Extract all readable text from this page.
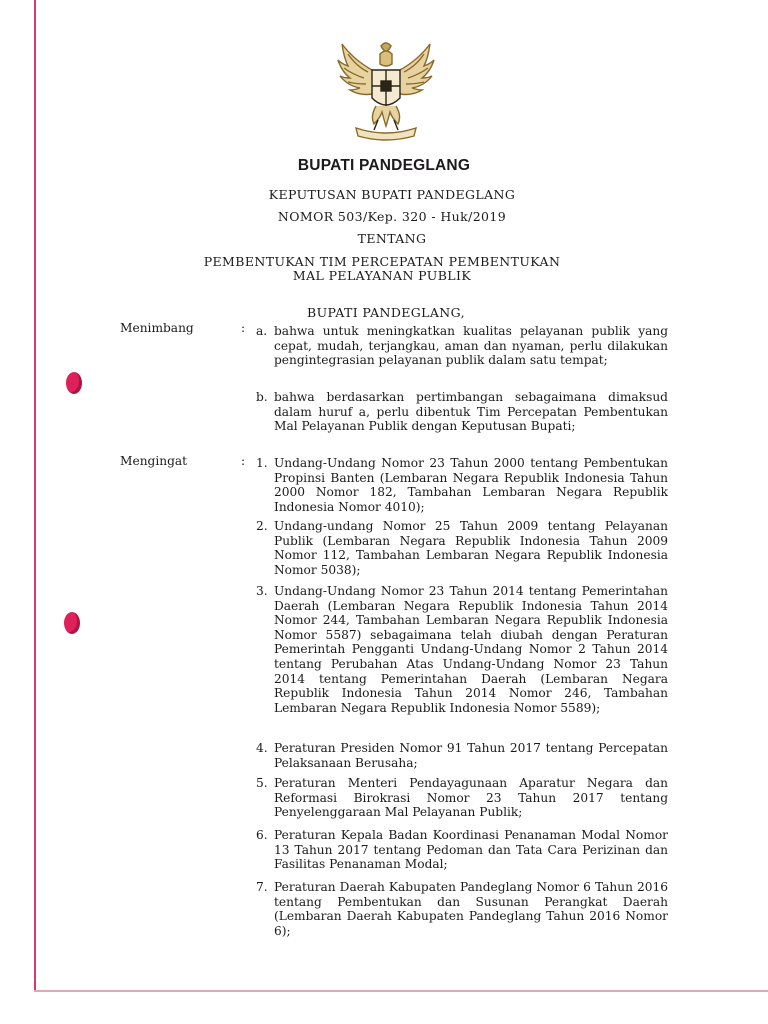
BUPATI PANDEGLANG
KEPUTUSAN BUPATI PANDEGLANG
NOMOR 503/Kep. 320 - Huk/2019
TENTANG
PEMBENTUKAN TIM PERCEPATAN PEMBENTUKAN
MAL PELAYANAN PUBLIK
BUPATI PANDEGLANG,
Menimbang	: a. bahwa untuk meningkatkan kualitas pelayanan publik yang cepat, mudah, terjangkau, aman dan nyaman, perlu dilakukan pengintegrasian pelayanan publik dalam satu tempat;
b. bahwa berdasarkan pertimbangan sebagaimana dimaksud dalam huruf a, perlu dibentuk Tim Percepatan Pembentukan Mal Pelayanan Publik dengan Keputusan Bupati;
Mengingat	: 1. Undang-Undang Nomor 23 Tahun 2000 tentang Pembentukan Propinsi Banten (Lembaran Negara Republik Indonesia Tahun 2000 Nomor 182, Tambahan Lembaran Negara Republik Indonesia Nomor 4010);
2. Undang-undang Nomor 25 Tahun 2009 tentang Pelayanan Publik (Lembaran Negara Republik Indonesia Tahun 2009 Nomor 112, Tambahan Lembaran Negara Republik Indonesia Nomor 5038);
3. Undang-Undang Nomor 23 Tahun 2014 tentang Pemerintahan Daerah (Lembaran Negara Republik Indonesia Tahun 2014 Nomor 244, Tambahan Lembaran Negara Republik Indonesia Nomor 5587) sebagaimana telah diubah dengan Peraturan Pemerintah Pengganti Undang-Undang Nomor 2 Tahun 2014 tentang Perubahan Atas Undang-Undang Nomor 23 Tahun 2014 tentang Pemerintahan Daerah (Lembaran Negara Republik Indonesia Tahun 2014 Nomor 246, Tambahan Lembaran Negara Republik Indonesia Nomor 5589);
4. Peraturan Presiden Nomor 91 Tahun 2017 tentang Percepatan Pelaksanaan Berusaha;
5. Peraturan Menteri Pendayagunaan Aparatur Negara dan Reformasi Birokrasi Nomor 23 Tahun 2017 tentang Penyelenggaraan Mal Pelayanan Publik;
6. Peraturan Kepala Badan Koordinasi Penanaman Modal Nomor 13 Tahun 2017 tentang Pedoman dan Tata Cara Perizinan dan Fasilitas Penanaman Modal;
7. Peraturan Daerah Kabupaten Pandeglang Nomor 6 Tahun 2016 tentang Pembentukan dan Susunan Perangkat Daerah (Lembaran Daerah Kabupaten Pandeglang Tahun 2016 Nomor 6);
